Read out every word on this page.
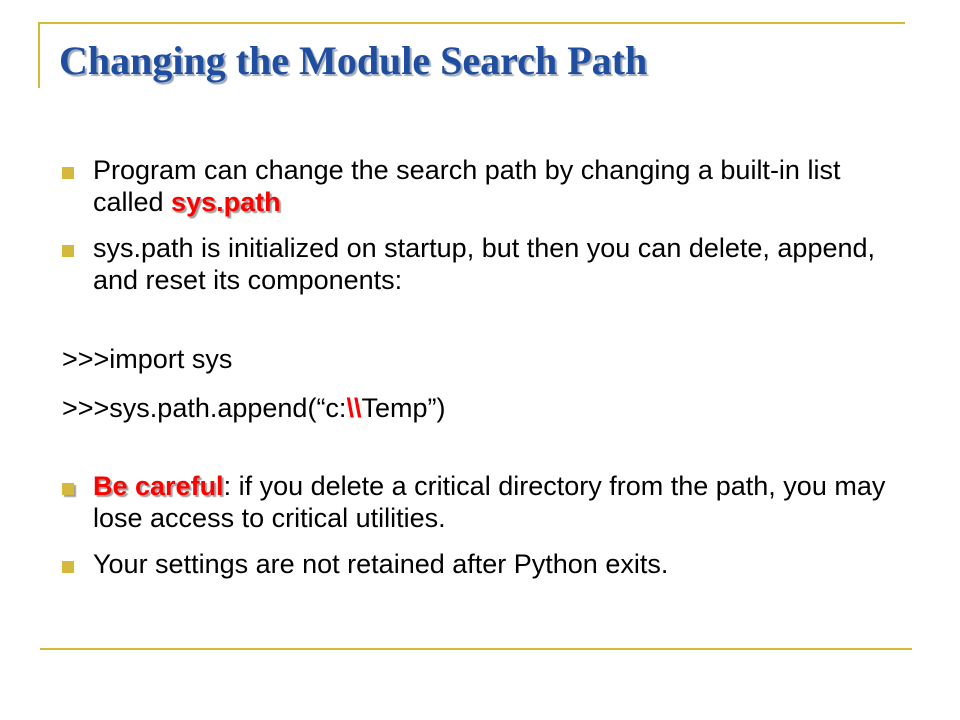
Changing the Module Search Path

Program can change the search path by changing a built-in list called sys.path

sys.path is initialized on startup, but then you can delete, append, and reset its components:

>>>import sys

>>>sys.path.append(“c:\\Temp”)

Be careful: if you delete a critical directory from the path, you may lose access to critical utilities.

Your settings are not retained after Python exits.
